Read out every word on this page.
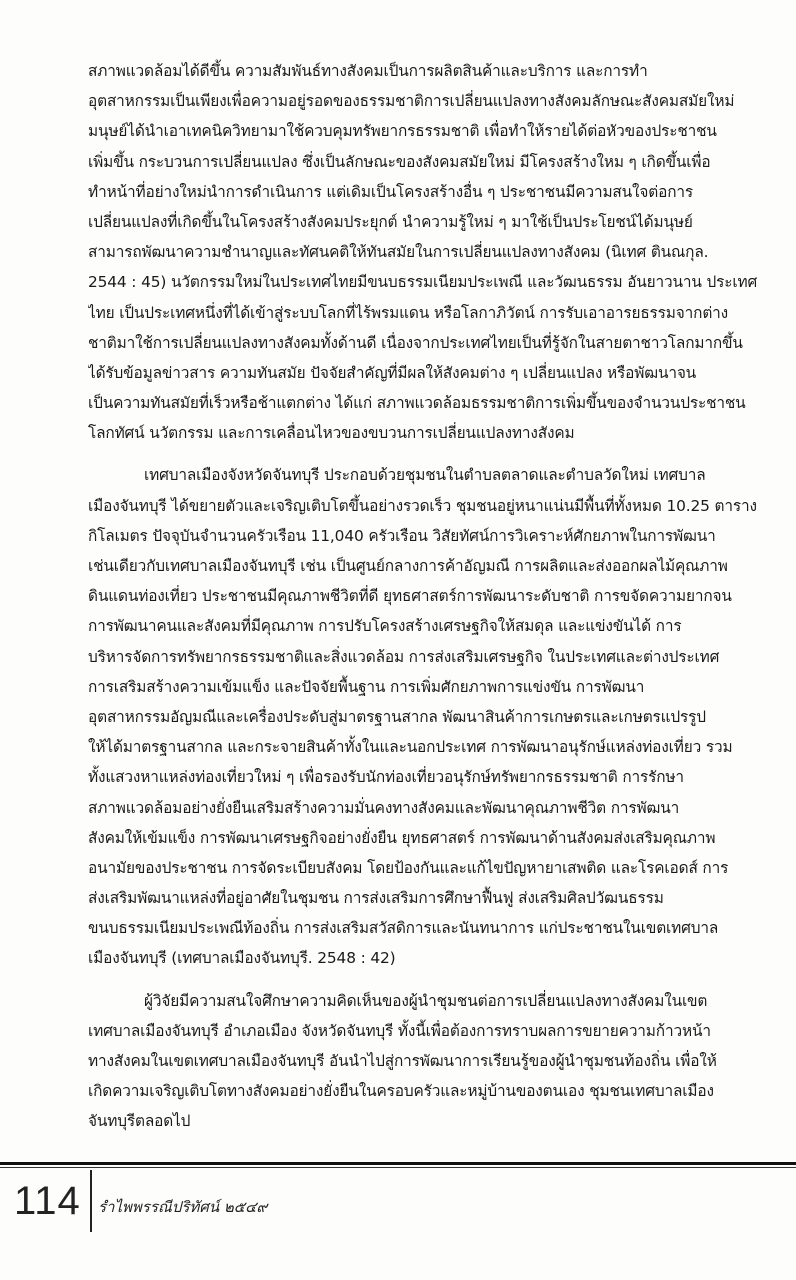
สภาพแวดล้อมได้ดีขึ้น ความสัมพันธ์ทางสังคมเป็นการผลิตสินค้าและบริการ และการทำ
อุตสาหกรรมเป็นเพียงเพื่อความอยู่รอดของธรรมชาติการเปลี่ยนแปลงทางสังคมลักษณะสังคมสมัยใหม่
มนุษย์ได้นำเอาเทคนิควิทยามาใช้ควบคุมทรัพยากรธรรมชาติ เพื่อทำให้รายได้ต่อหัวของประชาชน
เพิ่มขึ้น กระบวนการเปลี่ยนแปลง ซึ่งเป็นลักษณะของสังคมสมัยใหม่ มีโครงสร้างใหม ๆ เกิดขึ้นเพื่อ
ทำหน้าที่อย่างใหม่นำการดำเนินการ แต่เดิมเป็นโครงสร้างอื่น ๆ ประชาชนมีความสนใจต่อการ
เปลี่ยนแปลงที่เกิดขึ้นในโครงสร้างสังคมประยุกต์ นำความรู้ใหม่ ๆ มาใช้เป็นประโยชน์ได้มนุษย์
สามารถพัฒนาความชำนาญและทัศนคติให้ทันสมัยในการเปลี่ยนแปลงทางสังคม (นิเทศ ตินณกุล.
2544 : 45) นวัตกรรมใหม่ในประเทศไทยมีขนบธรรมเนียมประเพณี และวัฒนธรรม อันยาวนาน ประเทศ
ไทย เป็นประเทศหนึ่งที่ได้เข้าสู่ระบบโลกที่ไร้พรมแดน หรือโลกาภิวัตน์ การรับเอาอารยธรรมจากต่าง
ชาติมาใช้การเปลี่ยนแปลงทางสังคมทั้งด้านดี เนื่องจากประเทศไทยเป็นที่รู้จักในสายตาชาวโลกมากขึ้น
ได้รับข้อมูลข่าวสาร ความทันสมัย ปัจจัยสำคัญที่มีผลให้สังคมต่าง ๆ เปลี่ยนแปลง หรือพัฒนาจน
เป็นความทันสมัยที่เร็วหรือช้าแตกต่าง ได้แก่ สภาพแวดล้อมธรรมชาติการเพิ่มขึ้นของจำนวนประชาชน
โลกทัศน์ นวัตกรรม และการเคลื่อนไหวของขบวนการเปลี่ยนแปลงทางสังคม
เทศบาลเมืองจังหวัดจันทบุรี ประกอบด้วยชุมชนในตำบลตลาดและตำบลวัดใหม่ เทศบาล
เมืองจันทบุรี ได้ขยายตัวและเจริญเติบโตขึ้นอย่างรวดเร็ว ชุมชนอยู่หนาแน่นมีพื้นที่ทั้งหมด 10.25 ตาราง
กิโลเมตร ปัจจุบันจำนวนครัวเรือน 11,040 ครัวเรือน วิสัยทัศน์การวิเคราะห์ศักยภาพในการพัฒนา
เช่นเดียวกับเทศบาลเมืองจันทบุรี เช่น เป็นศูนย์กลางการค้าอัญมณี การผลิตและส่งออกผลไม้คุณภาพ
ดินแดนท่องเที่ยว ประชาชนมีคุณภาพชีวิตที่ดี ยุทธศาสตร์การพัฒนาระดับชาติ การขจัดความยากจน
การพัฒนาคนและสังคมที่มีคุณภาพ การปรับโครงสร้างเศรษฐกิจให้สมดุล และแข่งขันได้ การ
บริหารจัดการทรัพยากรธรรมชาติและสิ่งแวดล้อม การส่งเสริมเศรษฐกิจ ในประเทศและต่างประเทศ
การเสริมสร้างความเข้มแข็ง และปัจจัยพื้นฐาน การเพิ่มศักยภาพการแข่งขัน การพัฒนา
อุตสาหกรรมอัญมณีและเครื่องประดับสู่มาตรฐานสากล พัฒนาสินค้าการเกษตรและเกษตรแปรรูป
ให้ได้มาตรฐานสากล และกระจายสินค้าทั้งในและนอกประเทศ การพัฒนาอนุรักษ์แหล่งท่องเที่ยว รวม
ทั้งแสวงหาแหล่งท่องเที่ยวใหม่ ๆ เพื่อรองรับนักท่องเที่ยวอนุรักษ์ทรัพยากรธรรมชาติ การรักษา
สภาพแวดล้อมอย่างยั่งยืนเสริมสร้างความมั่นคงทางสังคมและพัฒนาคุณภาพชีวิต การพัฒนา
สังคมให้เข้มแข็ง การพัฒนาเศรษฐกิจอย่างยั่งยืน ยุทธศาสตร์ การพัฒนาด้านสังคมส่งเสริมคุณภาพ
อนามัยของประชาชน การจัดระเบียบสังคม โดยป้องกันและแก้ไขปัญหายาเสพติด และโรคเอดส์ การ
ส่งเสริมพัฒนาแหล่งที่อยู่อาศัยในชุมชน การส่งเสริมการศึกษาฟื้นฟู ส่งเสริมศิลปวัฒนธรรม
ขนบธรรมเนียมประเพณีท้องถิ่น การส่งเสริมสวัสดิการและนันทนาการ แก่ประชาชนในเขตเทศบาล
เมืองจันทบุรี (เทศบาลเมืองจันทบุรี. 2548 : 42)
ผู้วิจัยมีความสนใจศึกษาความคิดเห็นของผู้นำชุมชนต่อการเปลี่ยนแปลงทางสังคมในเขต
เทศบาลเมืองจันทบุรี อำเภอเมือง จังหวัดจันทบุรี ทั้งนี้เพื่อต้องการทราบผลการขยายความก้าวหน้า
ทางสังคมในเขตเทศบาลเมืองจันทบุรี อันนำไปสู่การพัฒนาการเรียนรู้ของผู้นำชุมชนท้องถิ่น เพื่อให้
เกิดความเจริญเติบโตทางสังคมอย่างยั่งยืนในครอบครัวและหมู่บ้านของตนเอง ชุมชนเทศบาลเมือง
จันทบุรีตลอดไป
114 รำไพพรรณีปริทัศน์ ๒๕๔๙
